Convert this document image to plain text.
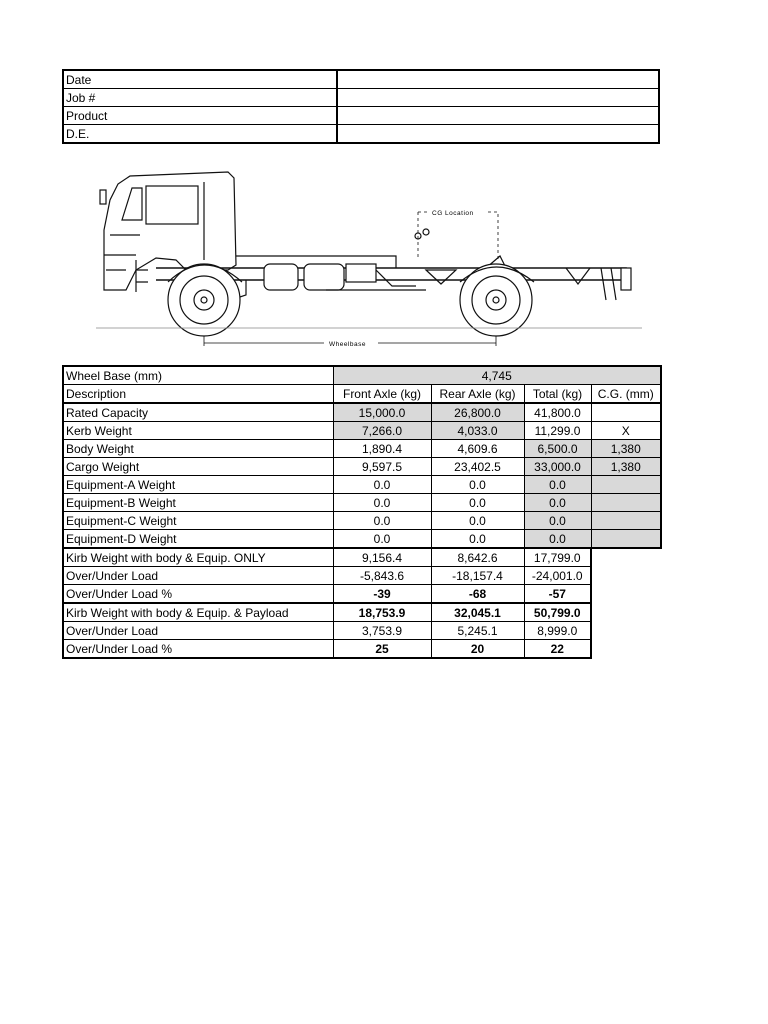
Date	
Job #	
Product	
D.E.	
CG Location
Wheelbase
Wheel Base (mm)	4,745			
Description	Front Axle (kg)	Rear Axle (kg)	Total (kg)	C.G. (mm)
Rated Capacity	15,000.0	26,800.0	41,800.0	
Kerb Weight	7,266.0	4,033.0	11,299.0	X
Body Weight	1,890.4	4,609.6	6,500.0	1,380
Cargo Weight	9,597.5	23,402.5	33,000.0	1,380
Equipment-A Weight	0.0	0.0	0.0	
Equipment-B Weight	0.0	0.0	0.0	
Equipment-C Weight	0.0	0.0	0.0	
Equipment-D Weight	0.0	0.0	0.0	
Kirb Weight with body & Equip. ONLY	9,156.4	8,642.6	17,799.0	
Over/Under Load	-5,843.6	-18,157.4	-24,001.0	
Over/Under Load %	-39	-68	-57	
Kirb Weight with body & Equip. & Payload	18,753.9	32,045.1	50,799.0	
Over/Under Load	3,753.9	5,245.1	8,999.0	
Over/Under Load %	25	20	22	
